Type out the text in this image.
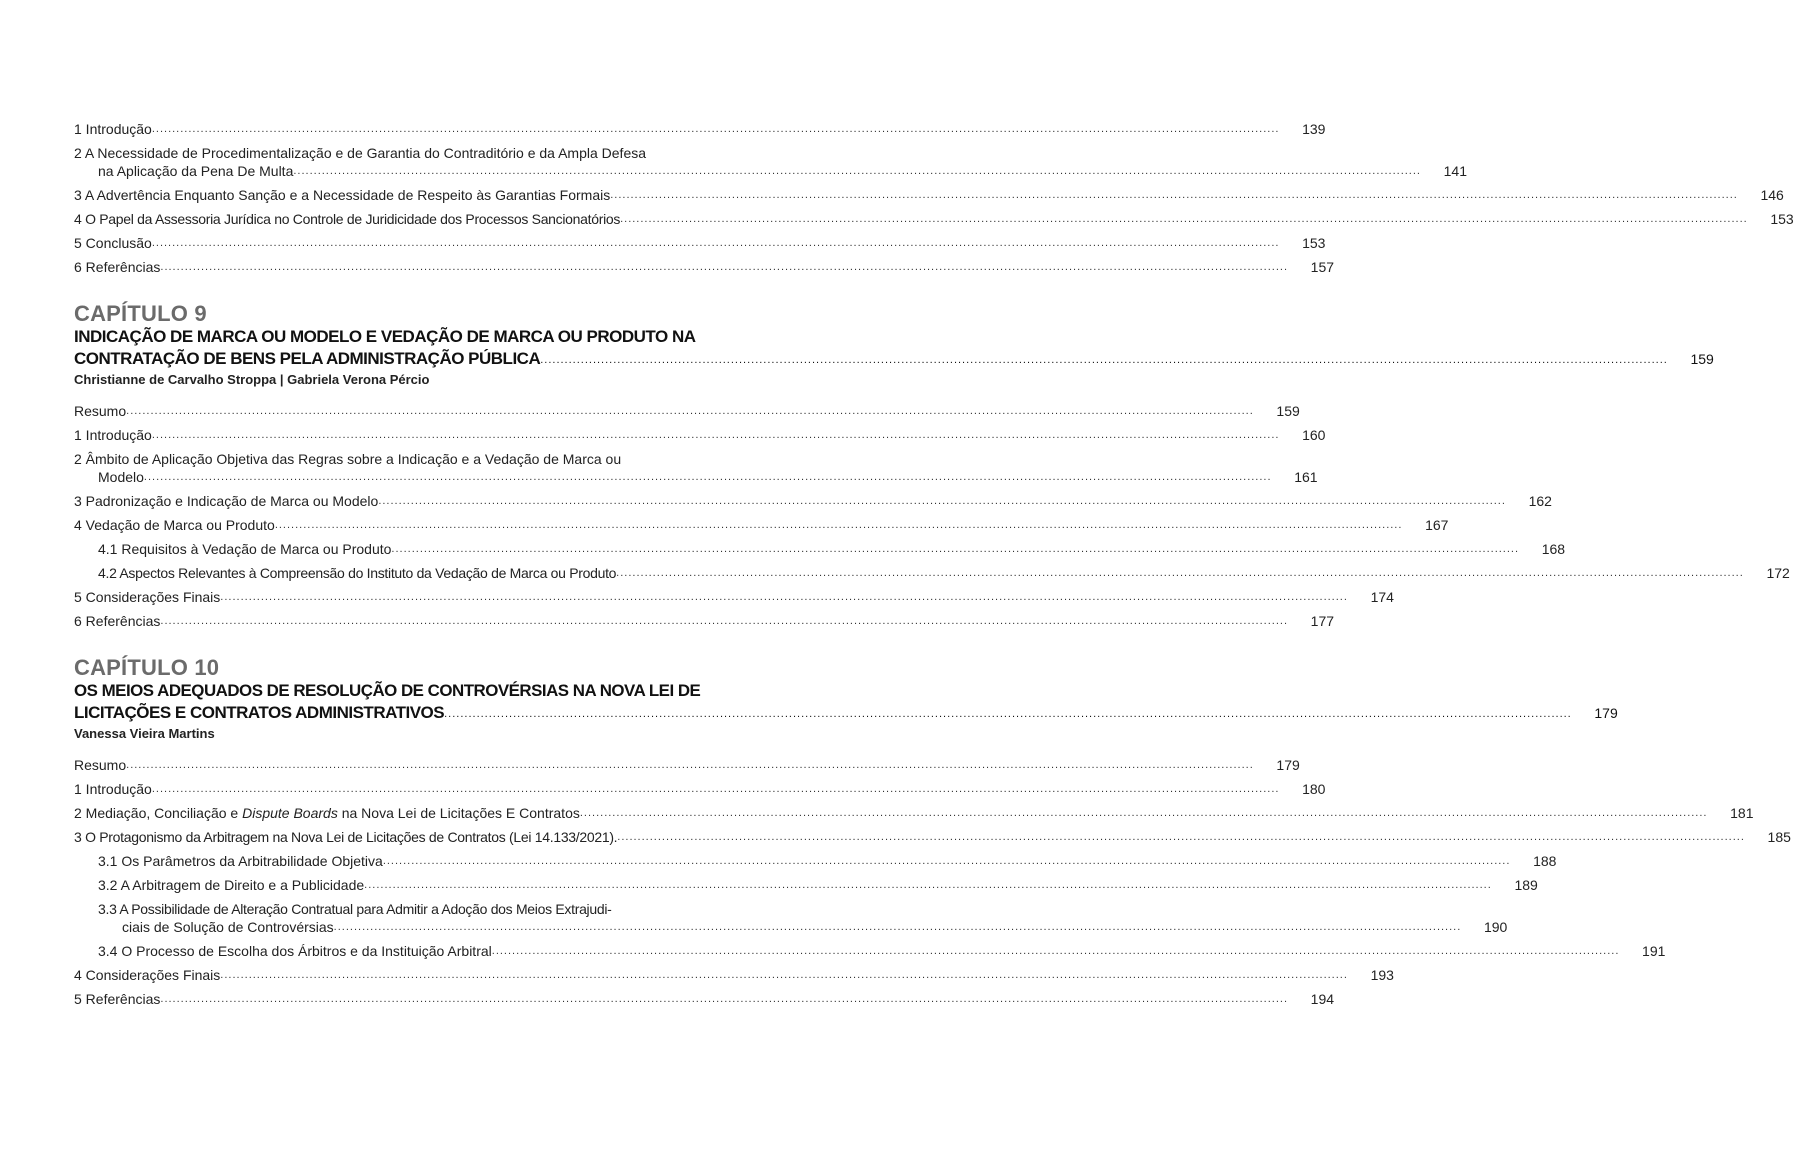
1 Introdução ......................................................................................................................................................................................................................................................................................	139
2 A Necessidade de Procedimentalização e de Garantia do Contraditório e da Ampla Defesa
na Aplicação da Pena De Multa ......................................................................................................................................................................................................................................................................................	141
3 A Advertência Enquanto Sanção e a Necessidade de Respeito às Garantias Formais ......................................................................................................................................................................................................................................................................................	146
4 O Papel da Assessoria Jurídica no Controle de Juridicidade dos Processos Sancionatórios ......................................................................................................................................................................................................................................................................................	153
5 Conclusão ......................................................................................................................................................................................................................................................................................	153
6 Referências ......................................................................................................................................................................................................................................................................................	157
CAPÍTULO 9
INDICAÇÃO DE MARCA OU MODELO E VEDAÇÃO DE MARCA OU PRODUTO NA
CONTRATAÇÃO DE BENS PELA ADMINISTRAÇÃO PÚBLICA ......................................................................................................................................................................................................................................................................................	159
Christianne de Carvalho Stroppa | Gabriela Verona Pércio
Resumo ......................................................................................................................................................................................................................................................................................	159
1 Introdução ......................................................................................................................................................................................................................................................................................	160
2 Âmbito de Aplicação Objetiva das Regras sobre a Indicação e a Vedação de Marca ou
Modelo ......................................................................................................................................................................................................................................................................................	161
3 Padronização e Indicação de Marca ou Modelo ......................................................................................................................................................................................................................................................................................	162
4 Vedação de Marca ou Produto ......................................................................................................................................................................................................................................................................................	167
4.1 Requisitos à Vedação de Marca ou Produto ......................................................................................................................................................................................................................................................................................	168
4.2 Aspectos Relevantes à Compreensão do Instituto da Vedação de Marca ou Produto ......................................................................................................................................................................................................................................................................................	172
5 Considerações Finais ......................................................................................................................................................................................................................................................................................	174
6 Referências ......................................................................................................................................................................................................................................................................................	177
CAPÍTULO 10
OS MEIOS ADEQUADOS DE RESOLUÇÃO DE CONTROVÉRSIAS NA NOVA LEI DE
LICITAÇÕES E CONTRATOS ADMINISTRATIVOS ......................................................................................................................................................................................................................................................................................	179
Vanessa Vieira Martins
Resumo ......................................................................................................................................................................................................................................................................................	179
1 Introdução ......................................................................................................................................................................................................................................................................................	180
2 Mediação, Conciliação e Dispute Boards na Nova Lei de Licitações E Contratos ......................................................................................................................................................................................................................................................................................	181
3 O Protagonismo da Arbitragem na Nova Lei de Licitações de Contratos (Lei 14.133/2021). ......................................................................................................................................................................................................................................................................................	185
3.1 Os Parâmetros da Arbitrabilidade Objetiva ......................................................................................................................................................................................................................................................................................	188
3.2 A Arbitragem de Direito e a Publicidade ......................................................................................................................................................................................................................................................................................	189
3.3 A Possibilidade de Alteração Contratual para Admitir a Adoção dos Meios Extrajudi-
ciais de Solução de Controvérsias ......................................................................................................................................................................................................................................................................................	190
3.4 O Processo de Escolha dos Árbitros e da Instituição Arbitral ......................................................................................................................................................................................................................................................................................	191
4 Considerações Finais ......................................................................................................................................................................................................................................................................................	193
5 Referências ......................................................................................................................................................................................................................................................................................	194
